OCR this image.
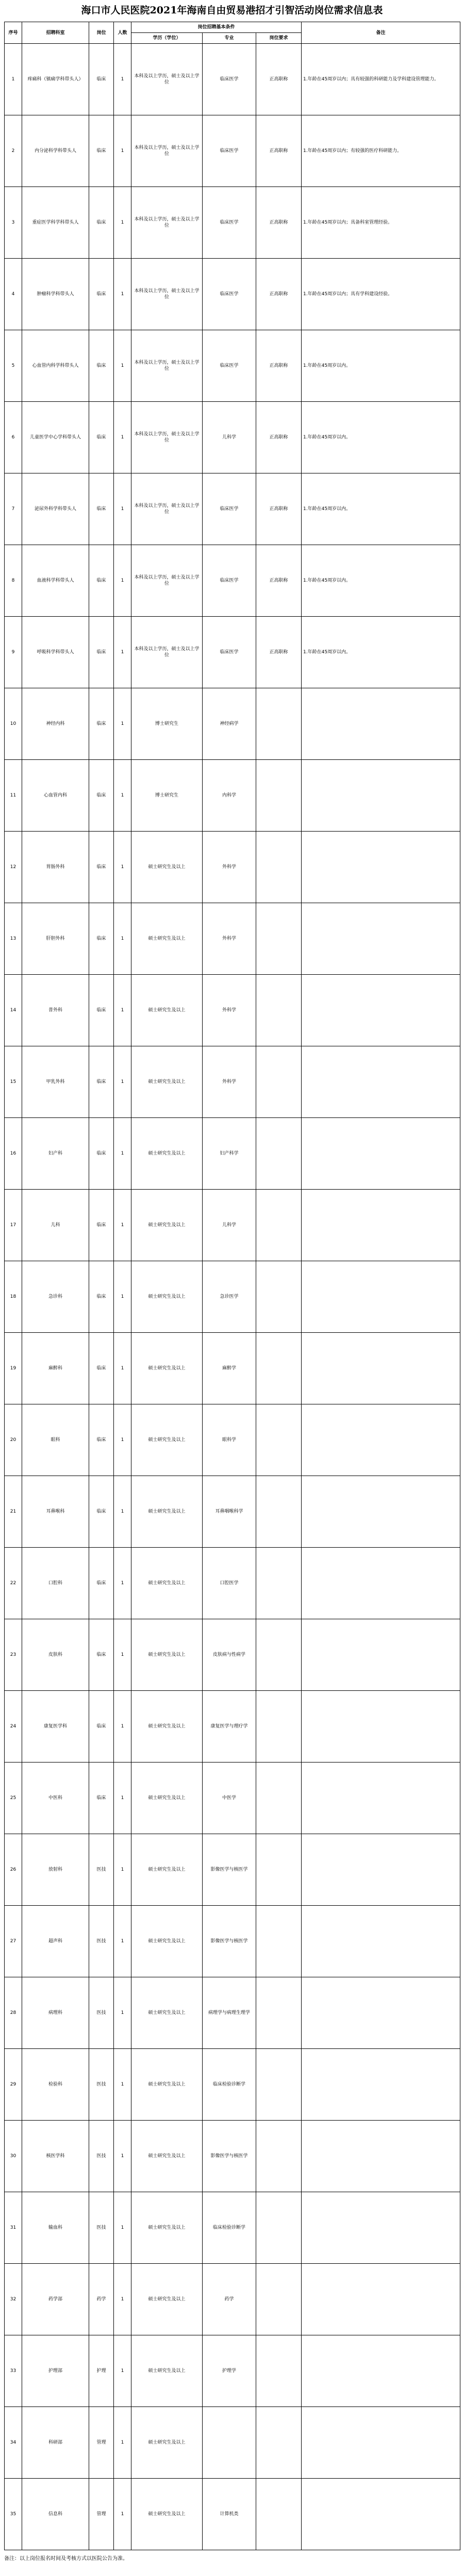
海口市人民医院2021年海南自由贸易港招才引智活动岗位需求信息表
序号	招聘科室	岗位	人数	岗位招聘基本条件			备注
				学历（学位）	专业	岗位要求	
1	疼痛科（镇痛学科带头人）	临床	1	本科及以上学历，硕士及以上学位	临床医学	正高职称	1.年龄在45周岁以内；具有较强的科研能力及学科建设管理能力。
2	内分泌科学科带头人	临床	1	本科及以上学历，硕士及以上学位	临床医学	正高职称	1.年龄在45周岁以内；有较强的医疗科研能力。
3	重症医学科学科带头人	临床	1	本科及以上学历，硕士及以上学位	临床医学	正高职称	1.年龄在45周岁以内；具备科室管理经验。
4	肿瘤科学科带头人	临床	1	本科及以上学历，硕士及以上学位	临床医学	正高职称	1.年龄在45周岁以内；具有学科建设经验。
5	心血管内科学科带头人	临床	1	本科及以上学历，硕士及以上学位	临床医学	正高职称	1.年龄在45周岁以内。
6	儿童医学中心学科带头人	临床	1	本科及以上学历，硕士及以上学位	儿科学	正高职称	1.年龄在45周岁以内。
7	泌尿外科学科带头人	临床	1	本科及以上学历，硕士及以上学位	临床医学	正高职称	1.年龄在45周岁以内。
8	血液科学科带头人	临床	1	本科及以上学历，硕士及以上学位	临床医学	正高职称	1.年龄在45周岁以内。
9	呼吸科学科带头人	临床	1	本科及以上学历，硕士及以上学位	临床医学	正高职称	1.年龄在45周岁以内。
10	神经内科	临床	1	博士研究生	神经病学		
11	心血管内科	临床	1	博士研究生	内科学		
12	胃肠外科	临床	1	硕士研究生及以上	外科学		
13	肝胆外科	临床	1	硕士研究生及以上	外科学		
14	普外科	临床	1	硕士研究生及以上	外科学		
15	甲乳外科	临床	1	硕士研究生及以上	外科学		
16	妇产科	临床	1	硕士研究生及以上	妇产科学		
17	儿科	临床	1	硕士研究生及以上	儿科学		
18	急诊科	临床	1	硕士研究生及以上	急诊医学		
19	麻醉科	临床	1	硕士研究生及以上	麻醉学		
20	眼科	临床	1	硕士研究生及以上	眼科学		
21	耳鼻喉科	临床	1	硕士研究生及以上	耳鼻咽喉科学		
22	口腔科	临床	1	硕士研究生及以上	口腔医学		
23	皮肤科	临床	1	硕士研究生及以上	皮肤病与性病学		
24	康复医学科	临床	1	硕士研究生及以上	康复医学与理疗学		
25	中医科	临床	1	硕士研究生及以上	中医学		
26	放射科	医技	1	硕士研究生及以上	影像医学与核医学		
27	超声科	医技	1	硕士研究生及以上	影像医学与核医学		
28	病理科	医技	1	硕士研究生及以上	病理学与病理生理学		
29	检验科	医技	1	硕士研究生及以上	临床检验诊断学		
30	核医学科	医技	1	硕士研究生及以上	影像医学与核医学		
31	输血科	医技	1	硕士研究生及以上	临床检验诊断学		
32	药学部	药学	1	硕士研究生及以上	药学		
33	护理部	护理	1	硕士研究生及以上	护理学		
34	科研部	管理	1	硕士研究生及以上			
35	信息科	管理	1	硕士研究生及以上	计算机类		
备注：以上岗位报名时间及考核方式以医院公告为准。
